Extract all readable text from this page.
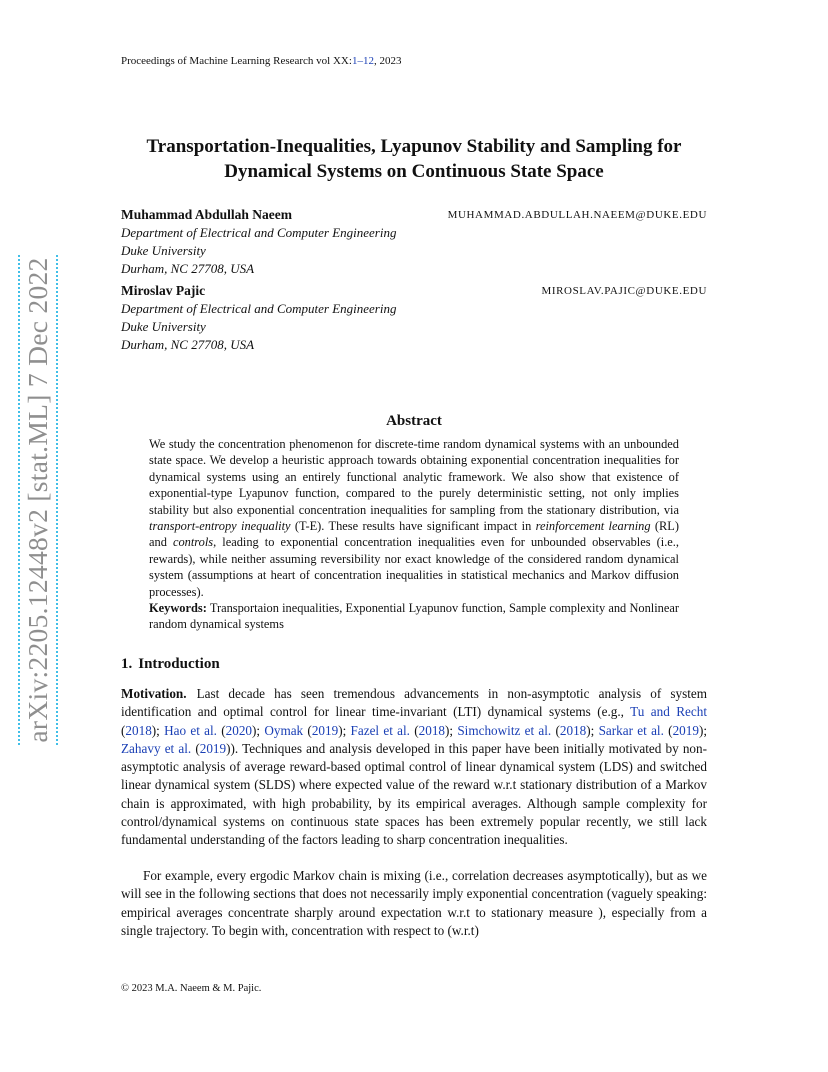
arXiv:2205.12448v2 [stat.ML] 7 Dec 2022
Proceedings of Machine Learning Research vol XX:1–12, 2023
Transportation-Inequalities, Lyapunov Stability and Sampling for
Dynamical Systems on Continuous State Space
Muhammad Abdullah Naeem	MUHAMMAD.ABDULLAH.NAEEM@DUKE.EDU
Department of Electrical and Computer Engineering
Duke University
Durham, NC 27708, USA
Miroslav Pajic	MIROSLAV.PAJIC@DUKE.EDU
Department of Electrical and Computer Engineering
Duke University
Durham, NC 27708, USA
Abstract
We study the concentration phenomenon for discrete-time random dynamical systems with an unbounded state space. We develop a heuristic approach towards obtaining exponential concentration inequalities for dynamical systems using an entirely functional analytic framework. We also show that existence of exponential-type Lyapunov function, compared to the purely deterministic setting, not only implies stability but also exponential concentration inequalities for sampling from the stationary distribution, via transport-entropy inequality (T-E). These results have significant impact in reinforcement learning (RL) and controls, leading to exponential concentration inequalities even for unbounded observables (i.e., rewards), while neither assuming reversibility nor exact knowledge of the considered random dynamical system (assumptions at heart of concentration inequalities in statistical mechanics and Markov diffusion processes).
Keywords: Transportaion inequalities, Exponential Lyapunov function, Sample complexity and Nonlinear random dynamical systems
1. Introduction
Motivation. Last decade has seen tremendous advancements in non-asymptotic analysis of system identification and optimal control for linear time-invariant (LTI) dynamical systems (e.g., Tu and Recht (2018); Hao et al. (2020); Oymak (2019); Fazel et al. (2018); Simchowitz et al. (2018); Sarkar et al. (2019); Zahavy et al. (2019)). Techniques and analysis developed in this paper have been initially motivated by non-asymptotic analysis of average reward-based optimal control of linear dynamical system (LDS) and switched linear dynamical system (SLDS) where expected value of the reward w.r.t stationary distribution of a Markov chain is approximated, with high probability, by its empirical averages. Although sample complexity for control/dynamical systems on continuous state spaces has been extremely popular recently, we still lack fundamental understanding of the factors leading to sharp concentration inequalities.
For example, every ergodic Markov chain is mixing (i.e., correlation decreases asymptotically), but as we will see in the following sections that does not necessarily imply exponential concentration (vaguely speaking: empirical averages concentrate sharply around expectation w.r.t to stationary measure ), especially from a single trajectory. To begin with, concentration with respect to (w.r.t)
© 2023 M.A. Naeem & M. Pajic.
